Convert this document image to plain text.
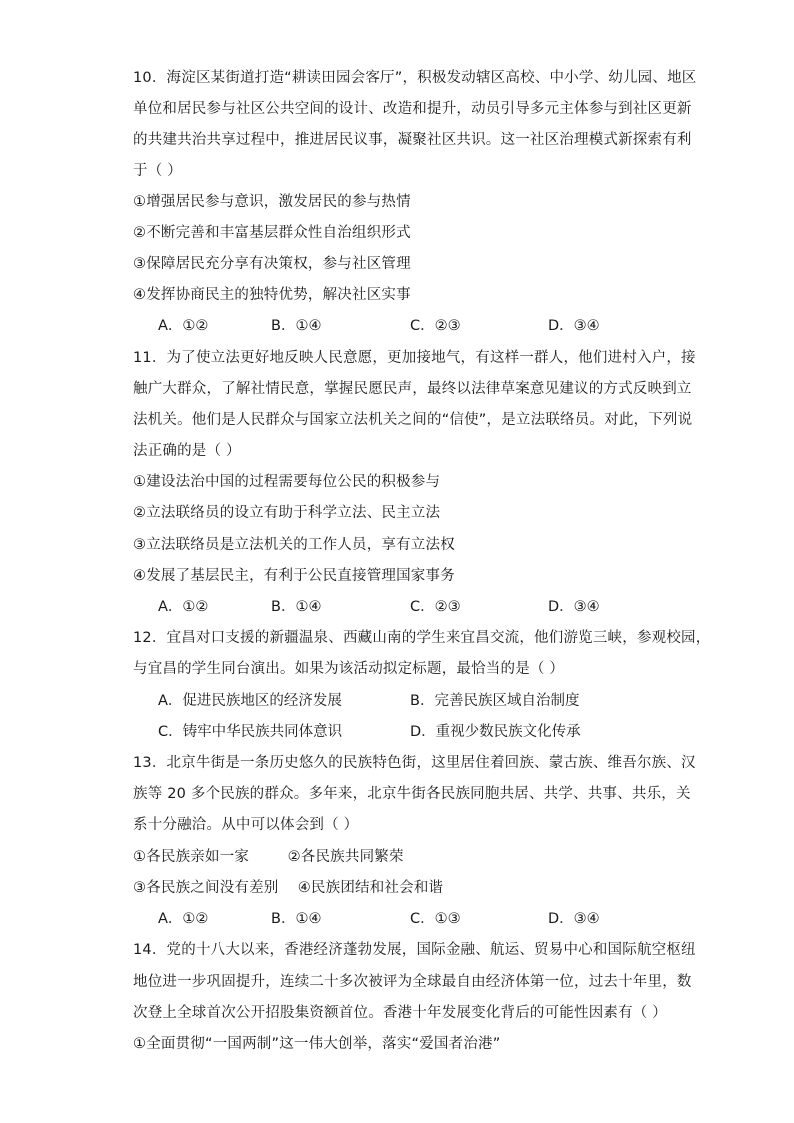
10．海淀区某街道打造“耕读田园会客厅”，积极发动辖区高校、中小学、幼儿园、地区
单位和居民参与社区公共空间的设计、改造和提升，动员引导多元主体参与到社区更新
的共建共治共享过程中，推进居民议事，凝聚社区共识。这一社区治理模式新探索有利
于（ ）
①增强居民参与意识，激发居民的参与热情
②不断完善和丰富基层群众性自治组织形式
③保障居民充分享有决策权，参与社区管理
④发挥协商民主的独特优势，解决社区实事
A．①②	B．①④	C．②③	D．③④
11．为了使立法更好地反映人民意愿，更加接地气，有这样一群人，他们进村入户，接
触广大群众，了解社情民意，掌握民愿民声，最终以法律草案意见建议的方式反映到立
法机关。他们是人民群众与国家立法机关之间的“信使”，是立法联络员。对此，下列说
法正确的是（ ）
①建设法治中国的过程需要每位公民的积极参与
②立法联络员的设立有助于科学立法、民主立法
③立法联络员是立法机关的工作人员，享有立法权
④发展了基层民主，有利于公民直接管理国家事务
A．①②	B．①④	C．②③	D．③④
12．宜昌对口支援的新疆温泉、西藏山南的学生来宜昌交流，他们游览三峡，参观校园，
与宜昌的学生同台演出。如果为该活动拟定标题，最恰当的是（ ）
A．促进民族地区的经济发展	B．完善民族区域自治制度
C．铸牢中华民族共同体意识	D．重视少数民族文化传承
13．北京牛街是一条历史悠久的民族特色街，这里居住着回族、蒙古族、维吾尔族、汉
族等 20 多个民族的群众。多年来，北京牛街各民族同胞共居、共学、共事、共乐，关
系十分融洽。从中可以体会到（ ）
①各民族亲如一家        ②各民族共同繁荣
③各民族之间没有差别    ④民族团结和社会和谐
A．①②	B．①④	C．①③	D．③④
14．党的十八大以来，香港经济蓬勃发展，国际金融、航运、贸易中心和国际航空枢纽
地位进一步巩固提升，连续二十多次被评为全球最自由经济体第一位，过去十年里，数
次登上全球首次公开招股集资额首位。香港十年发展变化背后的可能性因素有（ ）
①全面贯彻“一国两制”这一伟大创举，落实“爱国者治港”
